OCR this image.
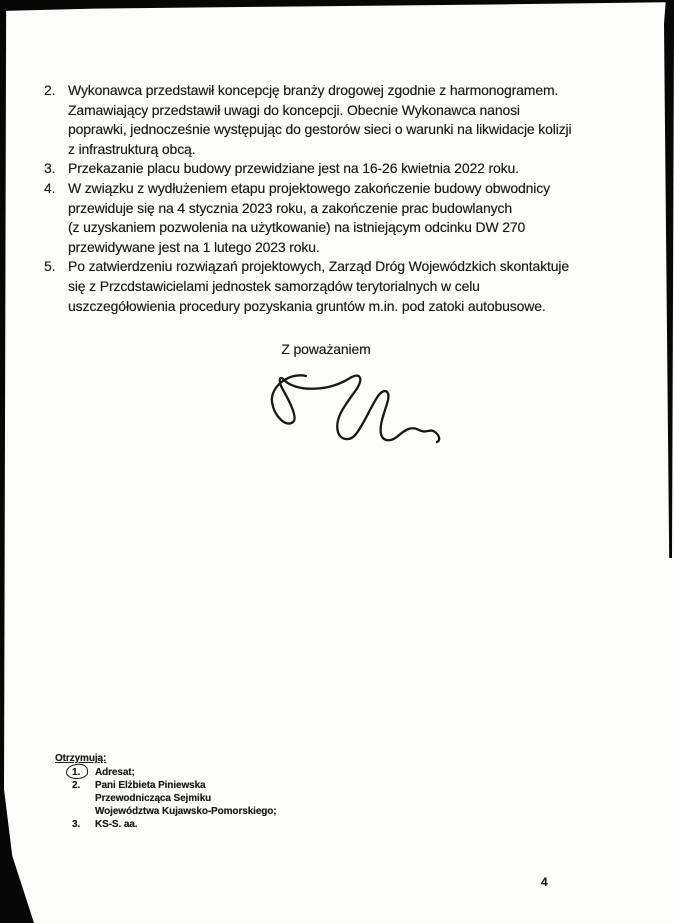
2. Wykonawca przedstawił koncepcję branży drogowej zgodnie z harmonogramem.
Zamawiający przedstawił uwagi do koncepcji. Obecnie Wykonawca nanosi
poprawki, jednocześnie występując do gestorów sieci o warunki na likwidacje kolizji
z infrastrukturą obcą.
3. Przekazanie placu budowy przewidziane jest na 16-26 kwietnia 2022 roku.
4. W związku z wydłużeniem etapu projektowego zakończenie budowy obwodnicy
przewiduje się na 4 stycznia 2023 roku, a zakończenie prac budowlanych
(z uzyskaniem pozwolenia na użytkowanie) na istniejącym odcinku DW 270
przewidywane jest na 1 lutego 2023 roku.
5. Po zatwierdzeniu rozwiązań projektowych, Zarząd Dróg Wojewódzkich skontaktuje
się z Przcdstawicielami jednostek samorządów terytorialnych w celu
uszczegółowienia procedury pozyskania gruntów m.in. pod zatoki autobusowe.
Z poważaniem
Otrzymują:
1.	Adresat;
2.	Pani Elżbieta Piniewska
Przewodnicząca Sejmiku
Województwa Kujawsko-Pomorskiego;
3.	KS-S. aa.
4
